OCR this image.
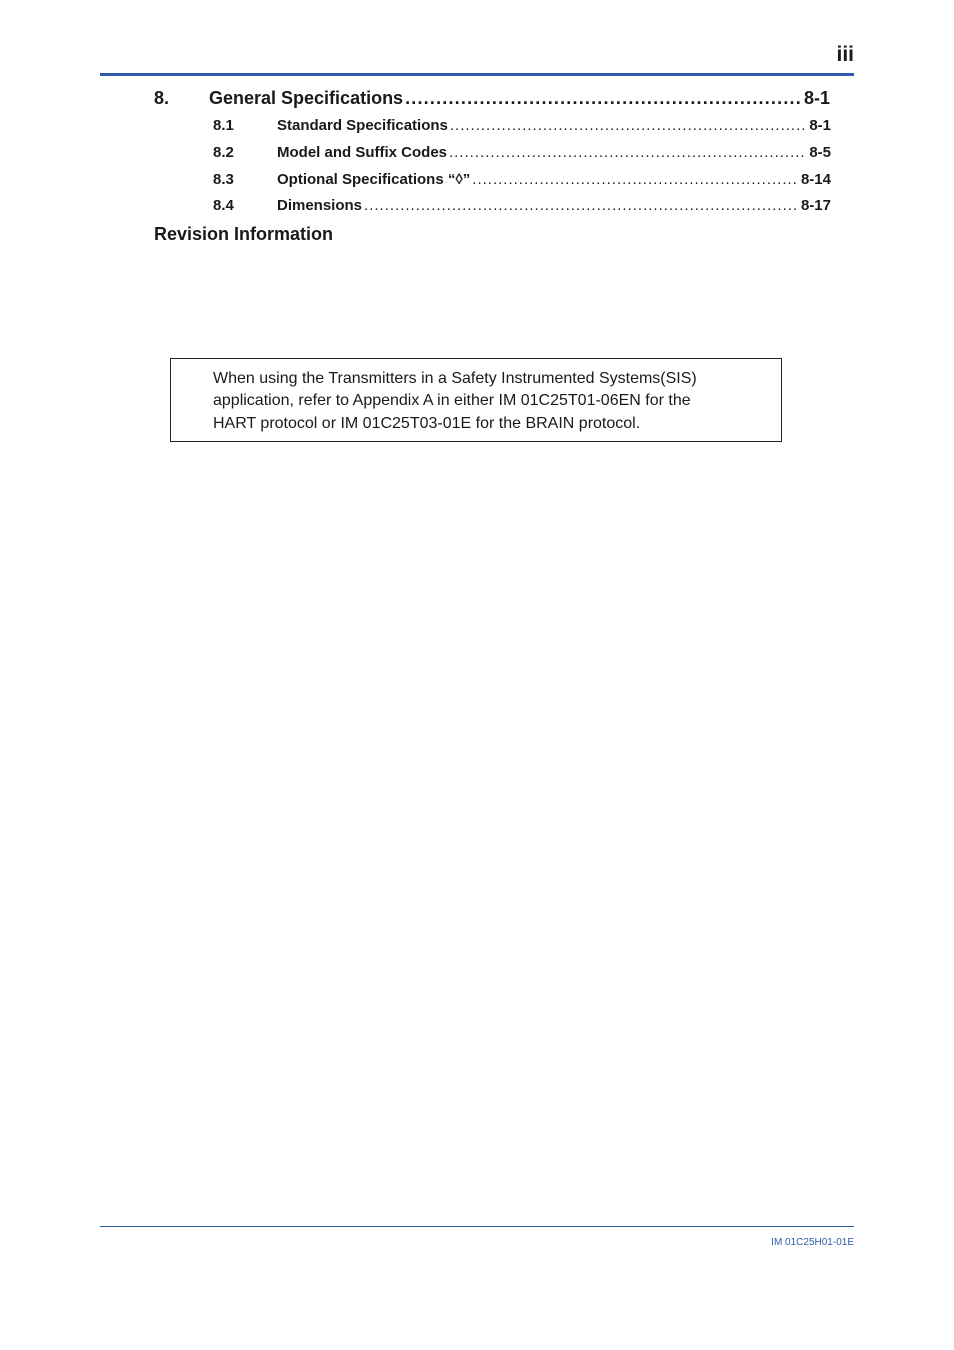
iii
8.	General Specifications .....	8-1
8.1	Standard Specifications .....	8-1
8.2	Model and Suffix Codes .....	8-5
8.3	Optional Specifications “◊” .....	8-14
8.4	Dimensions .....	8-17
Revision Information
When using the Transmitters in a Safety Instrumented Systems(SIS)
application, refer to Appendix A in either IM 01C25T01-06EN for the
HART protocol or IM 01C25T03-01E for the BRAIN protocol.
IM 01C25H01-01E
